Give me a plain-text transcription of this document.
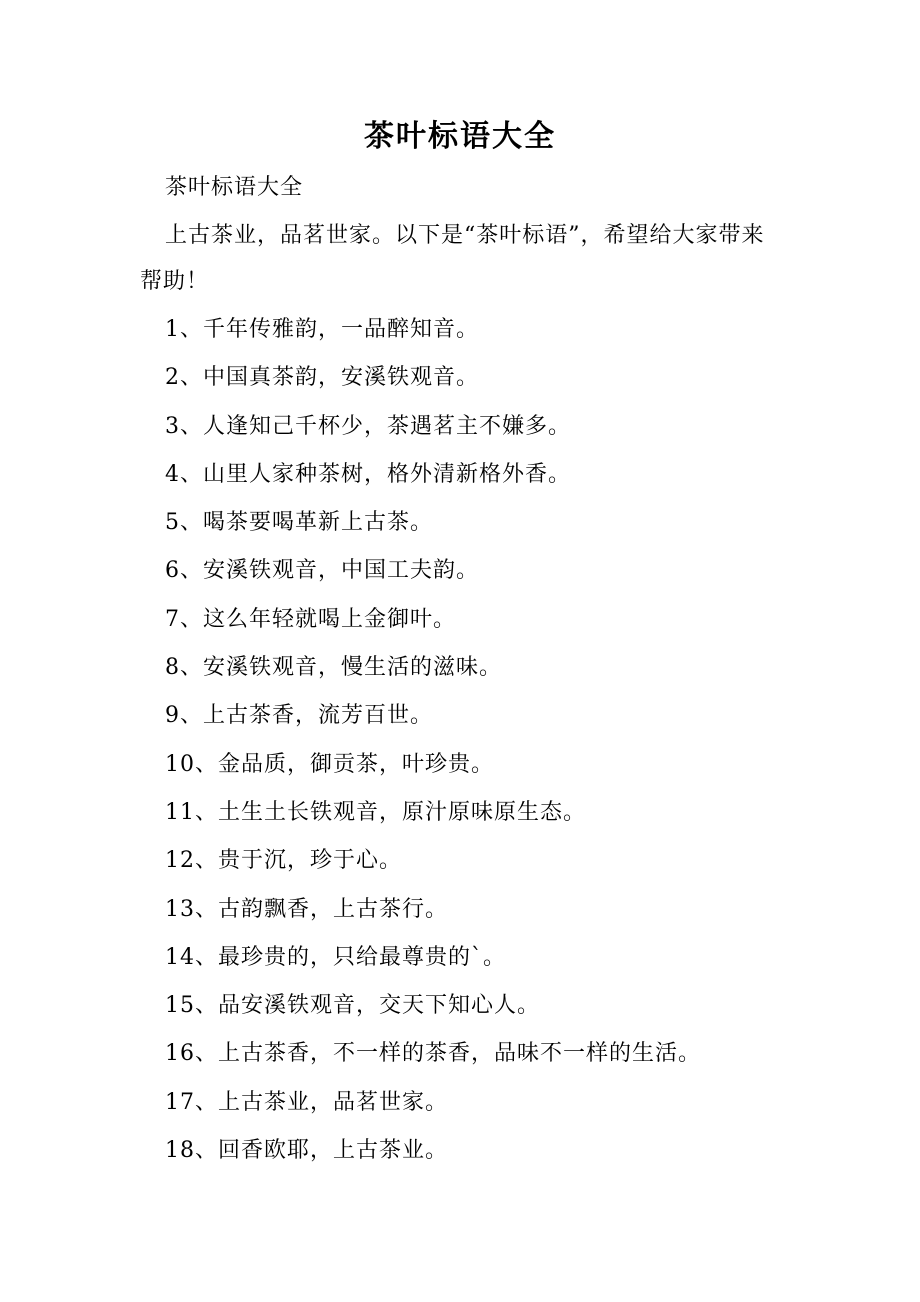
茶叶标语大全
茶叶标语大全
上古茶业，品茗世家。以下是“茶叶标语”，希望给大家带来帮助！
1、千年传雅韵，一品醉知音。
2、中国真茶韵，安溪铁观音。
3、人逢知己千杯少，茶遇茗主不嫌多。
4、山里人家种茶树，格外清新格外香。
5、喝茶要喝革新上古茶。
6、安溪铁观音，中国工夫韵。
7、这么年轻就喝上金御叶。
8、安溪铁观音，慢生活的滋味。
9、上古茶香，流芳百世。
10、金品质，御贡茶，叶珍贵。
11、土生土长铁观音，原汁原味原生态。
12、贵于沉，珍于心。
13、古韵飘香，上古茶行。
14、最珍贵的，只给最尊贵的`。
15、品安溪铁观音，交天下知心人。
16、上古茶香，不一样的茶香，品味不一样的生活。
17、上古茶业，品茗世家。
18、回香欧耶，上古茶业。
